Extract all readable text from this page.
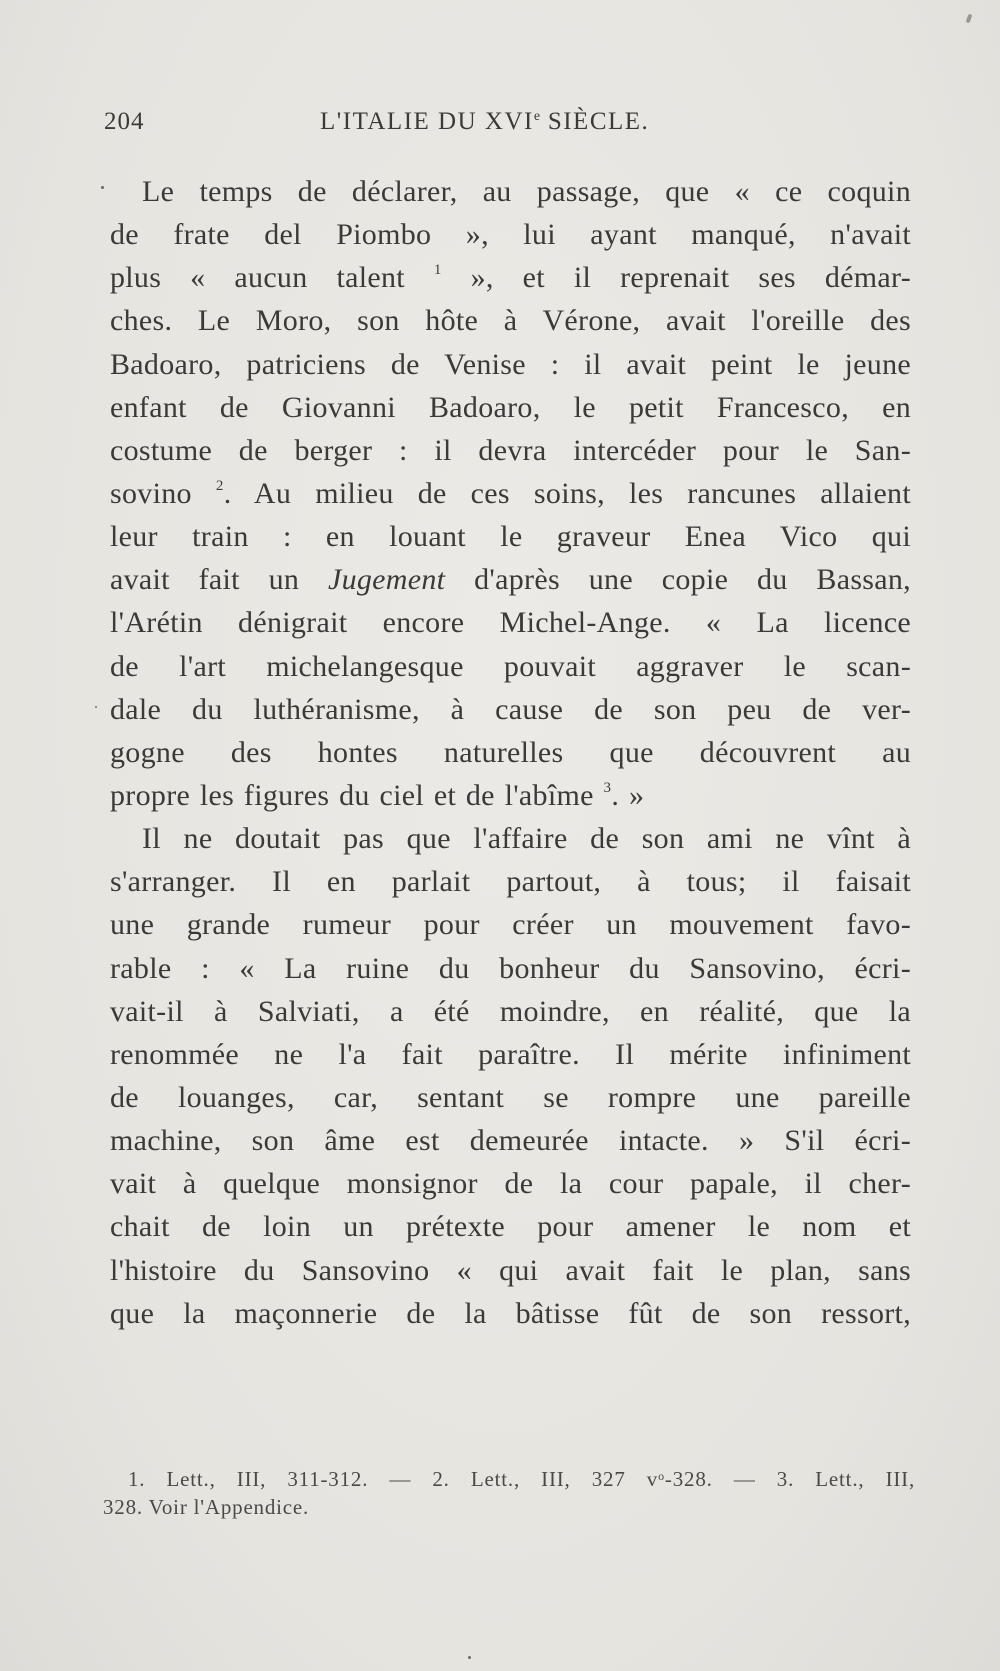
204	L'ITALIE DU XVIe SIÈCLE.
Le temps de déclarer, au passage, que « ce coquin
de frate del Piombo », lui ayant manqué, n'avait
plus « aucun talent $^1$ », et il reprenait ses démar-
ches. Le Moro, son hôte à Vérone, avait l'oreille des
Badoaro, patriciens de Venise : il avait peint le jeune
enfant de Giovanni Badoaro, le petit Francesco, en
costume de berger : il devra intercéder pour le San-
sovino $^2$. Au milieu de ces soins, les rancunes allaient
leur train : en louant le graveur Enea Vico qui
avait fait un Jugement d'après une copie du Bassan,
l'Arétin dénigrait encore Michel-Ange. « La licence
de l'art michelangesque pouvait aggraver le scan-
dale du luthéranisme, à cause de son peu de ver-
gogne des hontes naturelles que découvrent au
propre les figures du ciel et de l'abîme $^3$. »
Il ne doutait pas que l'affaire de son ami ne vînt à
s'arranger. Il en parlait partout, à tous; il faisait
une grande rumeur pour créer un mouvement favo-
rable : « La ruine du bonheur du Sansovino, écri-
vait-il à Salviati, a été moindre, en réalité, que la
renommée ne l'a fait paraître. Il mérite infiniment
de louanges, car, sentant se rompre une pareille
machine, son âme est demeurée intacte. » S'il écri-
vait à quelque monsignor de la cour papale, il cher-
chait de loin un prétexte pour amener le nom et
l'histoire du Sansovino « qui avait fait le plan, sans
que la maçonnerie de la bâtisse fût de son ressort,
1. Lett., III, 311-312. — 2. Lett., III, 327 $v^o-328$. — 3. Lett., III,
328. Voir l'Appendice.
